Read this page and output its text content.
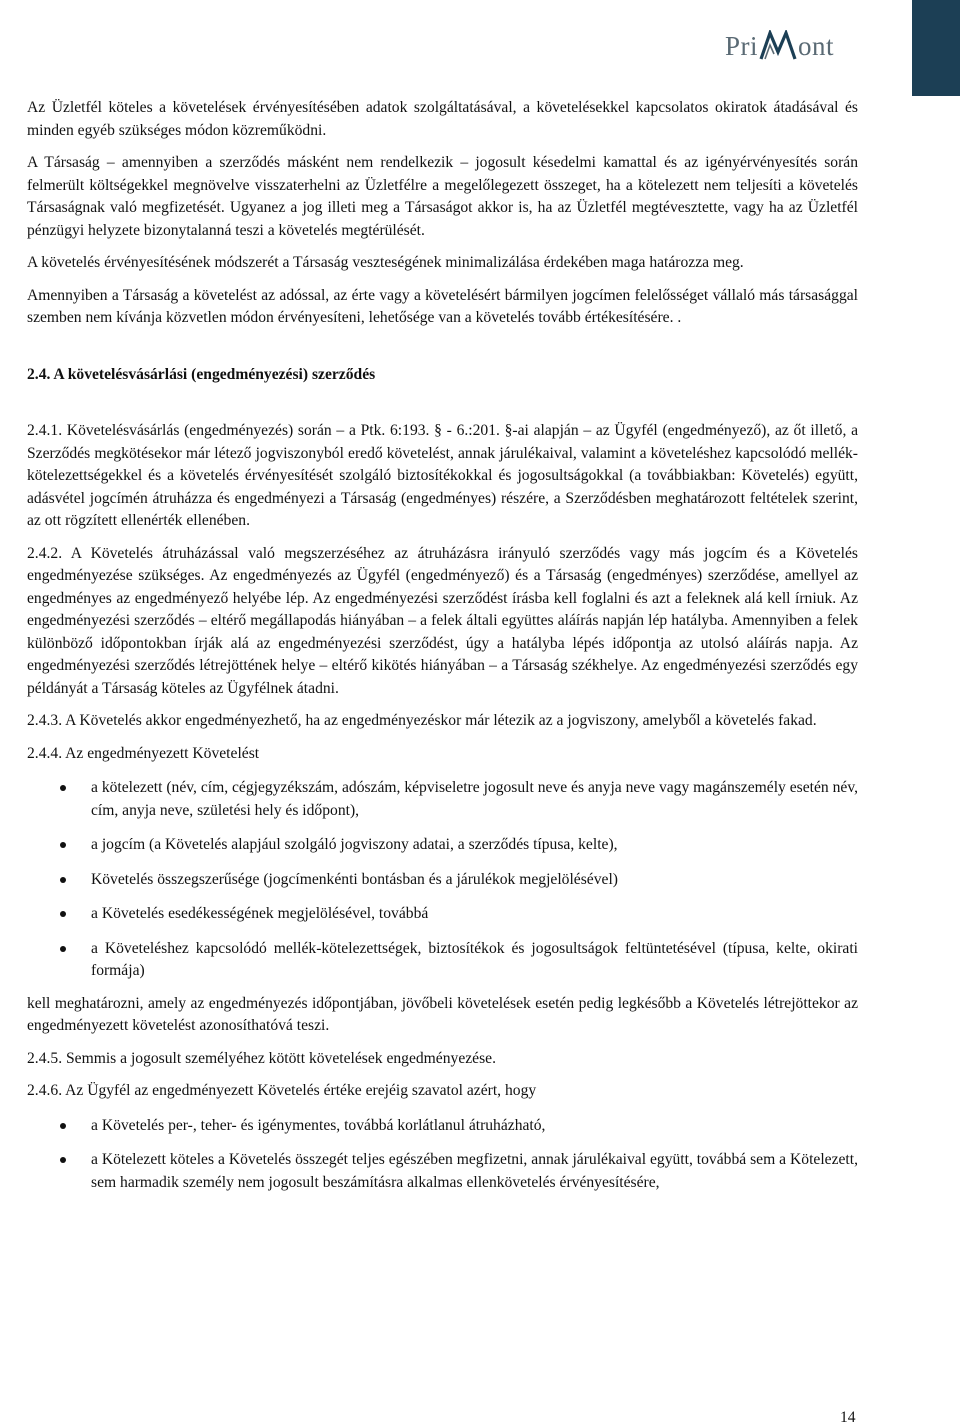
Pri ont

Az Üzletfél köteles a követelések érvényesítésében adatok szolgáltatásával, a követelésekkel kapcsolatos okiratok átadásával és minden egyéb szükséges módon közreműködni.

A Társaság – amennyiben a szerződés másként nem rendelkezik – jogosult késedelmi kamattal és az igényérvényesítés során felmerült költségekkel megnövelve visszaterhelni az Üzletfélre a megelőlegezett összeget, ha a kötelezett nem teljesíti a követelés Társaságnak való megfizetését. Ugyanez a jog illeti meg a Társaságot akkor is, ha az Üzletfél megtévesztette, vagy ha az Üzletfél pénzügyi helyzete bizonytalanná teszi a követelés megtérülését.

A követelés érvényesítésének módszerét a Társaság veszteségének minimalizálása érdekében maga határozza meg.

Amennyiben a Társaság a követelést az adóssal, az érte vagy a követelésért bármilyen jogcímen felelősséget vállaló más társasággal szemben nem kívánja közvetlen módon érvényesíteni, lehetősége van a követelés tovább értékesítésére. .

2.4. A követelésvásárlási (engedményezési) szerződés

2.4.1. Követelésvásárlás (engedményezés) során – a Ptk. 6:193. § - 6.:201. §-ai alapján – az Ügyfél (engedményező), az őt illető, a Szerződés megkötésekor már létező jogviszonyból eredő követelést, annak járulékaival, valamint a követeléshez kapcsolódó mellék-kötelezettségekkel és a követelés érvényesítését szolgáló biztosítékokkal és jogosultságokkal (a továbbiakban: Követelés) együtt, adásvétel jogcímén átruházza és engedményezi a Társaság (engedményes) részére, a Szerződésben meghatározott feltételek szerint, az ott rögzített ellenérték ellenében.

2.4.2. A Követelés átruházással való megszerzéséhez az átruházásra irányuló szerződés vagy más jogcím és a Követelés engedményezése szükséges. Az engedményezés az Ügyfél (engedményező) és a Társaság (engedményes) szerződése, amellyel az engedményes az engedményező helyébe lép. Az engedményezési szerződést írásba kell foglalni és azt a feleknek alá kell írniuk. Az engedményezési szerződés – eltérő megállapodás hiányában – a felek általi együttes aláírás napján lép hatályba. Amennyiben a felek különböző időpontokban írják alá az engedményezési szerződést, úgy a hatályba lépés időpontja az utolsó aláírás napja. Az engedményezési szerződés létrejöttének helye – eltérő kikötés hiányában – a Társaság székhelye. Az engedményezési szerződés egy példányát a Társaság köteles az Ügyfélnek átadni.

2.4.3. A Követelés akkor engedményezhető, ha az engedményezéskor már létezik az a jogviszony, amelyből a követelés fakad.

2.4.4. Az engedményezett Követelést

a kötelezett (név, cím, cégjegyzékszám, adószám, képviseletre jogosult neve és anyja neve vagy magánszemély esetén név, cím, anyja neve, születési hely és időpont),
a jogcím (a Követelés alapjául szolgáló jogviszony adatai, a szerződés típusa, kelte),
Követelés összegszerűsége (jogcímenkénti bontásban és a járulékok megjelölésével)
a Követelés esedékességének megjelölésével, továbbá
a Követeléshez kapcsolódó mellék-kötelezettségek, biztosítékok és jogosultságok feltüntetésével (típusa, kelte, okirati formája)

kell meghatározni, amely az engedményezés időpontjában, jövőbeli követelések esetén pedig legkésőbb a Követelés létrejöttekor az engedményezett követelést azonosíthatóvá teszi.

2.4.5. Semmis a jogosult személyéhez kötött követelések engedményezése.

2.4.6. Az Ügyfél az engedményezett Követelés értéke erejéig szavatol azért, hogy

a Követelés per-, teher- és igénymentes, továbbá korlátlanul átruházható,
a Kötelezett köteles a Követelés összegét teljes egészében megfizetni, annak járulékaival együtt, továbbá sem a Kötelezett, sem harmadik személy nem jogosult beszámításra alkalmas ellenkövetelés érvényesítésére,
14
